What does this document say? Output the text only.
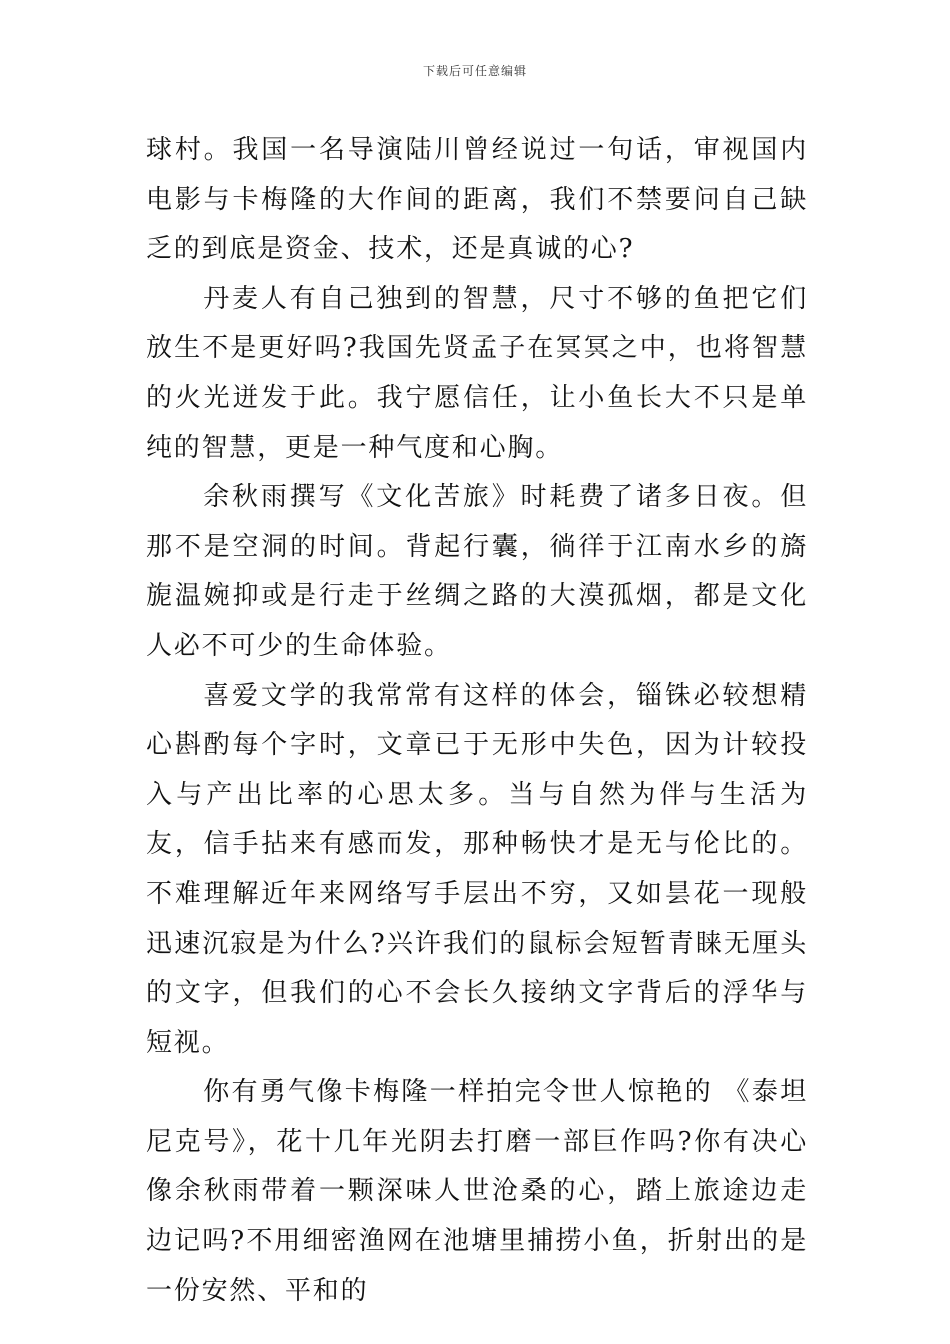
下载后可任意编辑

球村。我国一名导演陆川曾经说过一句话，审视国内电影与卡梅隆的大作间的距离，我们不禁要问自己缺乏的到底是资金、技术，还是真诚的心?

丹麦人有自己独到的智慧，尺寸不够的鱼把它们放生不是更好吗?我国先贤孟子在冥冥之中，也将智慧的火光迸发于此。我宁愿信任，让小鱼长大不只是单纯的智慧，更是一种气度和心胸。

余秋雨撰写《文化苦旅》时耗费了诸多日夜。但那不是空洞的时间。背起行囊，徜徉于江南水乡的旖旎温婉抑或是行走于丝绸之路的大漠孤烟，都是文化人必不可少的生命体验。

喜爱文学的我常常有这样的体会，锱铢必较想精心斟酌每个字时，文章已于无形中失色，因为计较投入与产出比率的心思太多。当与自然为伴与生活为友，信手拈来有感而发，那种畅快才是无与伦比的。不难理解近年来网络写手层出不穷，又如昙花一现般迅速沉寂是为什么?兴许我们的鼠标会短暂青睐无厘头的文字，但我们的心不会长久接纳文字背后的浮华与短视。

你有勇气像卡梅隆一样拍完令世人惊艳的 《泰坦尼克号》，花十几年光阴去打磨一部巨作吗?你有决心像余秋雨带着一颗深味人世沧桑的心，踏上旅途边走边记吗?不用细密渔网在池塘里捕捞小鱼，折射出的是一份安然、平和的
